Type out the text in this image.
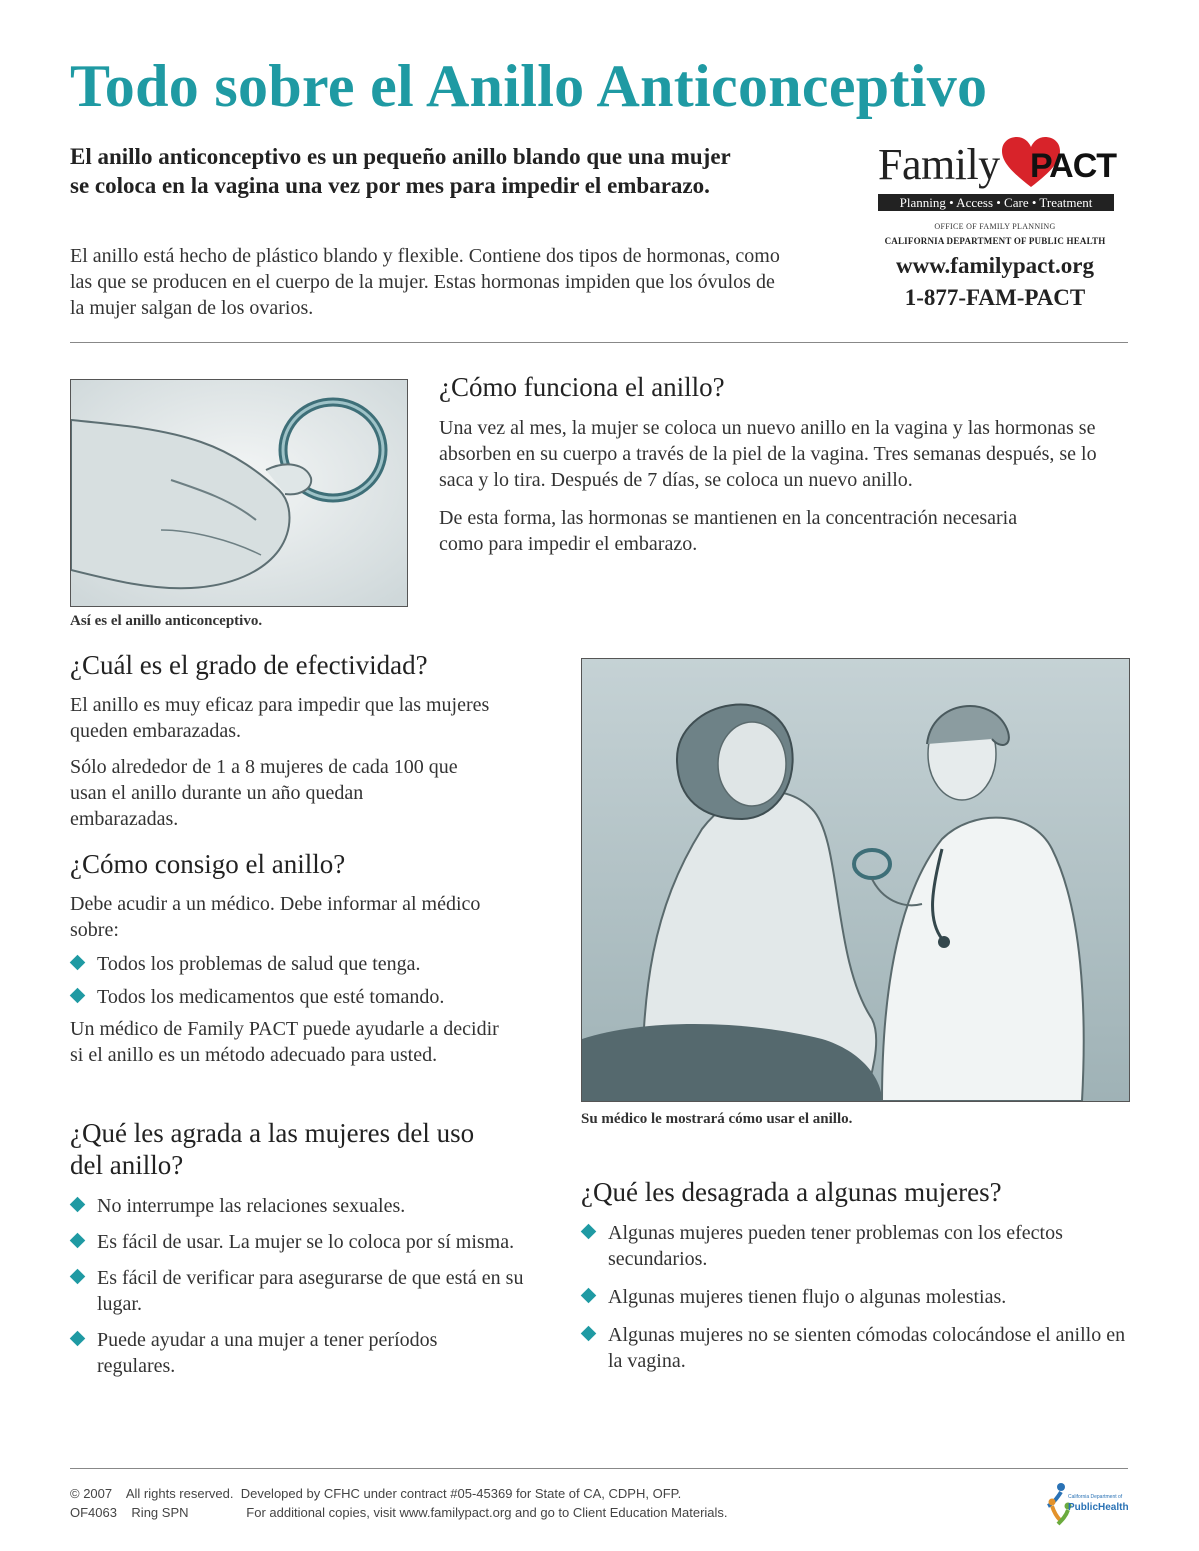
Todo sobre el Anillo Anticonceptivo
El anillo anticonceptivo es un pequeño anillo blando que una mujer se coloca en la vagina una vez por mes para impedir el embarazo.
El anillo está hecho de plástico blando y flexible. Contiene dos tipos de hormonas, como las que se producen en el cuerpo de la mujer. Estas hormonas impiden que los óvulos de la mujer salgan de los ovarios.
Family PACT
Planning • Access • Care • Treatment
OFFICE OF FAMILY PLANNING
CALIFORNIA DEPARTMENT OF PUBLIC HEALTH
www.familypact.org
1-877-FAM-PACT
Así es el anillo anticonceptivo.
¿Cómo funciona el anillo?

Una vez al mes, la mujer se coloca un nuevo anillo en la vagina y las hormonas se absorben en su cuerpo a través de la piel de la vagina. Tres semanas después, se lo saca y lo tira. Después de 7 días, se coloca un nuevo anillo.

De esta forma, las hormonas se mantienen en la concentración necesaria como para impedir el embarazo.

¿Cuál es el grado de efectividad?

El anillo es muy eficaz para impedir que las mujeres queden embarazadas.

Sólo alrededor de 1 a 8 mujeres de cada 100 que usan el anillo durante un año quedan embarazadas.

¿Cómo consigo el anillo?

Debe acudir a un médico. Debe informar al médico sobre:

Todos los problemas de salud que tenga.

Todos los medicamentos que esté tomando.

Un médico de Family PACT puede ayudarle a decidir si el anillo es un método adecuado para usted.

¿Qué les agrada a las mujeres del uso del anillo?

No interrumpe las relaciones sexuales.

Es fácil de usar. La mujer se lo coloca por sí misma.

Es fácil de verificar para asegurarse de que está en su lugar.

Puede ayudar a una mujer a tener períodos regulares.

Su médico le mostrará cómo usar el anillo.
¿Qué les desagrada a algunas mujeres?

Algunas mujeres pueden tener problemas con los efectos secundarios.

Algunas mujeres tienen flujo o algunas molestias.

Algunas mujeres no se sienten cómodas colocándose el anillo en la vagina.

© 2007    All rights reserved.  Developed by CFHC under contract #05-45369 for State of CA, CDPH, OFP.
OF4063    Ring SPN                For additional copies, visit www.familypact.org and go to Client Education Materials.
California Department of
PublicHealth
